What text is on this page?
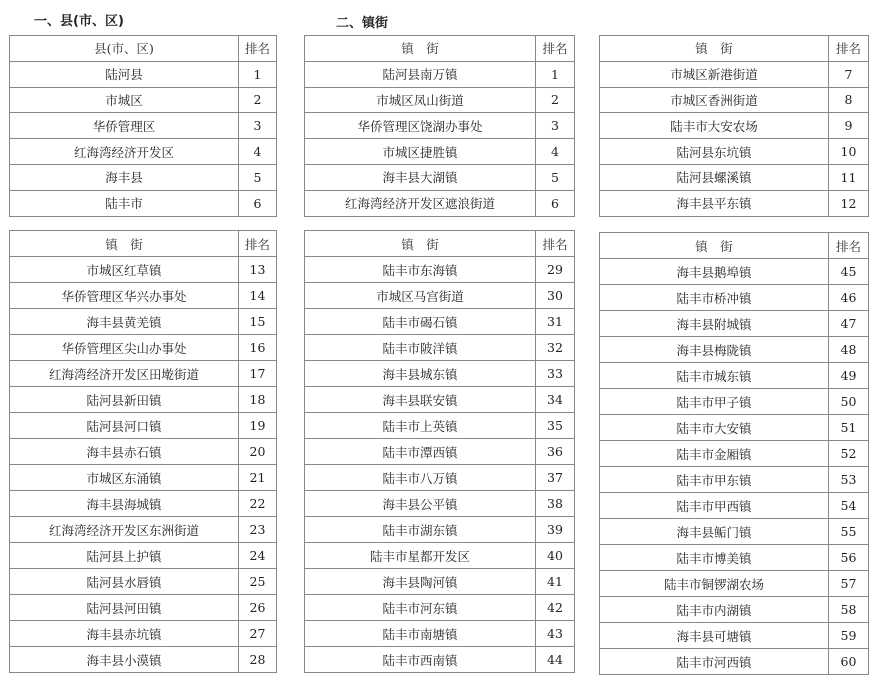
一、县(市、区)	二、镇街
县(市、区)	排名
陆河县	1
市城区	2
华侨管理区	3
红海湾经济开发区	4
海丰县	5
陆丰市	6
镇　街	排名
陆河县南万镇	1
市城区凤山街道	2
华侨管理区饶湖办事处	3
市城区捷胜镇	4
海丰县大湖镇	5
红海湾经济开发区遮浪街道	6
镇　街	排名
市城区新港街道	7
市城区香洲街道	8
陆丰市大安农场	9
陆河县东坑镇	10
陆河县螺溪镇	11
海丰县平东镇	12
镇　街	排名
市城区红草镇	13
华侨管理区华兴办事处	14
海丰县黄羌镇	15
华侨管理区尖山办事处	16
红海湾经济开发区田墘街道	17
陆河县新田镇	18
陆河县河口镇	19
海丰县赤石镇	20
市城区东涌镇	21
海丰县海城镇	22
红海湾经济开发区东洲街道	23
陆河县上护镇	24
陆河县水唇镇	25
陆河县河田镇	26
海丰县赤坑镇	27
海丰县小漠镇	28
镇　街	排名
陆丰市东海镇	29
市城区马宫街道	30
陆丰市碣石镇	31
陆丰市陂洋镇	32
海丰县城东镇	33
海丰县联安镇	34
陆丰市上英镇	35
陆丰市潭西镇	36
陆丰市八万镇	37
海丰县公平镇	38
陆丰市湖东镇	39
陆丰市星都开发区	40
海丰县陶河镇	41
陆丰市河东镇	42
陆丰市南塘镇	43
陆丰市西南镇	44
镇　街	排名
海丰县鹅埠镇	45
陆丰市桥冲镇	46
海丰县附城镇	47
海丰县梅陇镇	48
陆丰市城东镇	49
陆丰市甲子镇	50
陆丰市大安镇	51
陆丰市金厢镇	52
陆丰市甲东镇	53
陆丰市甲西镇	54
海丰县鲘门镇	55
陆丰市博美镇	56
陆丰市铜锣湖农场	57
陆丰市内湖镇	58
海丰县可塘镇	59
陆丰市河西镇	60
